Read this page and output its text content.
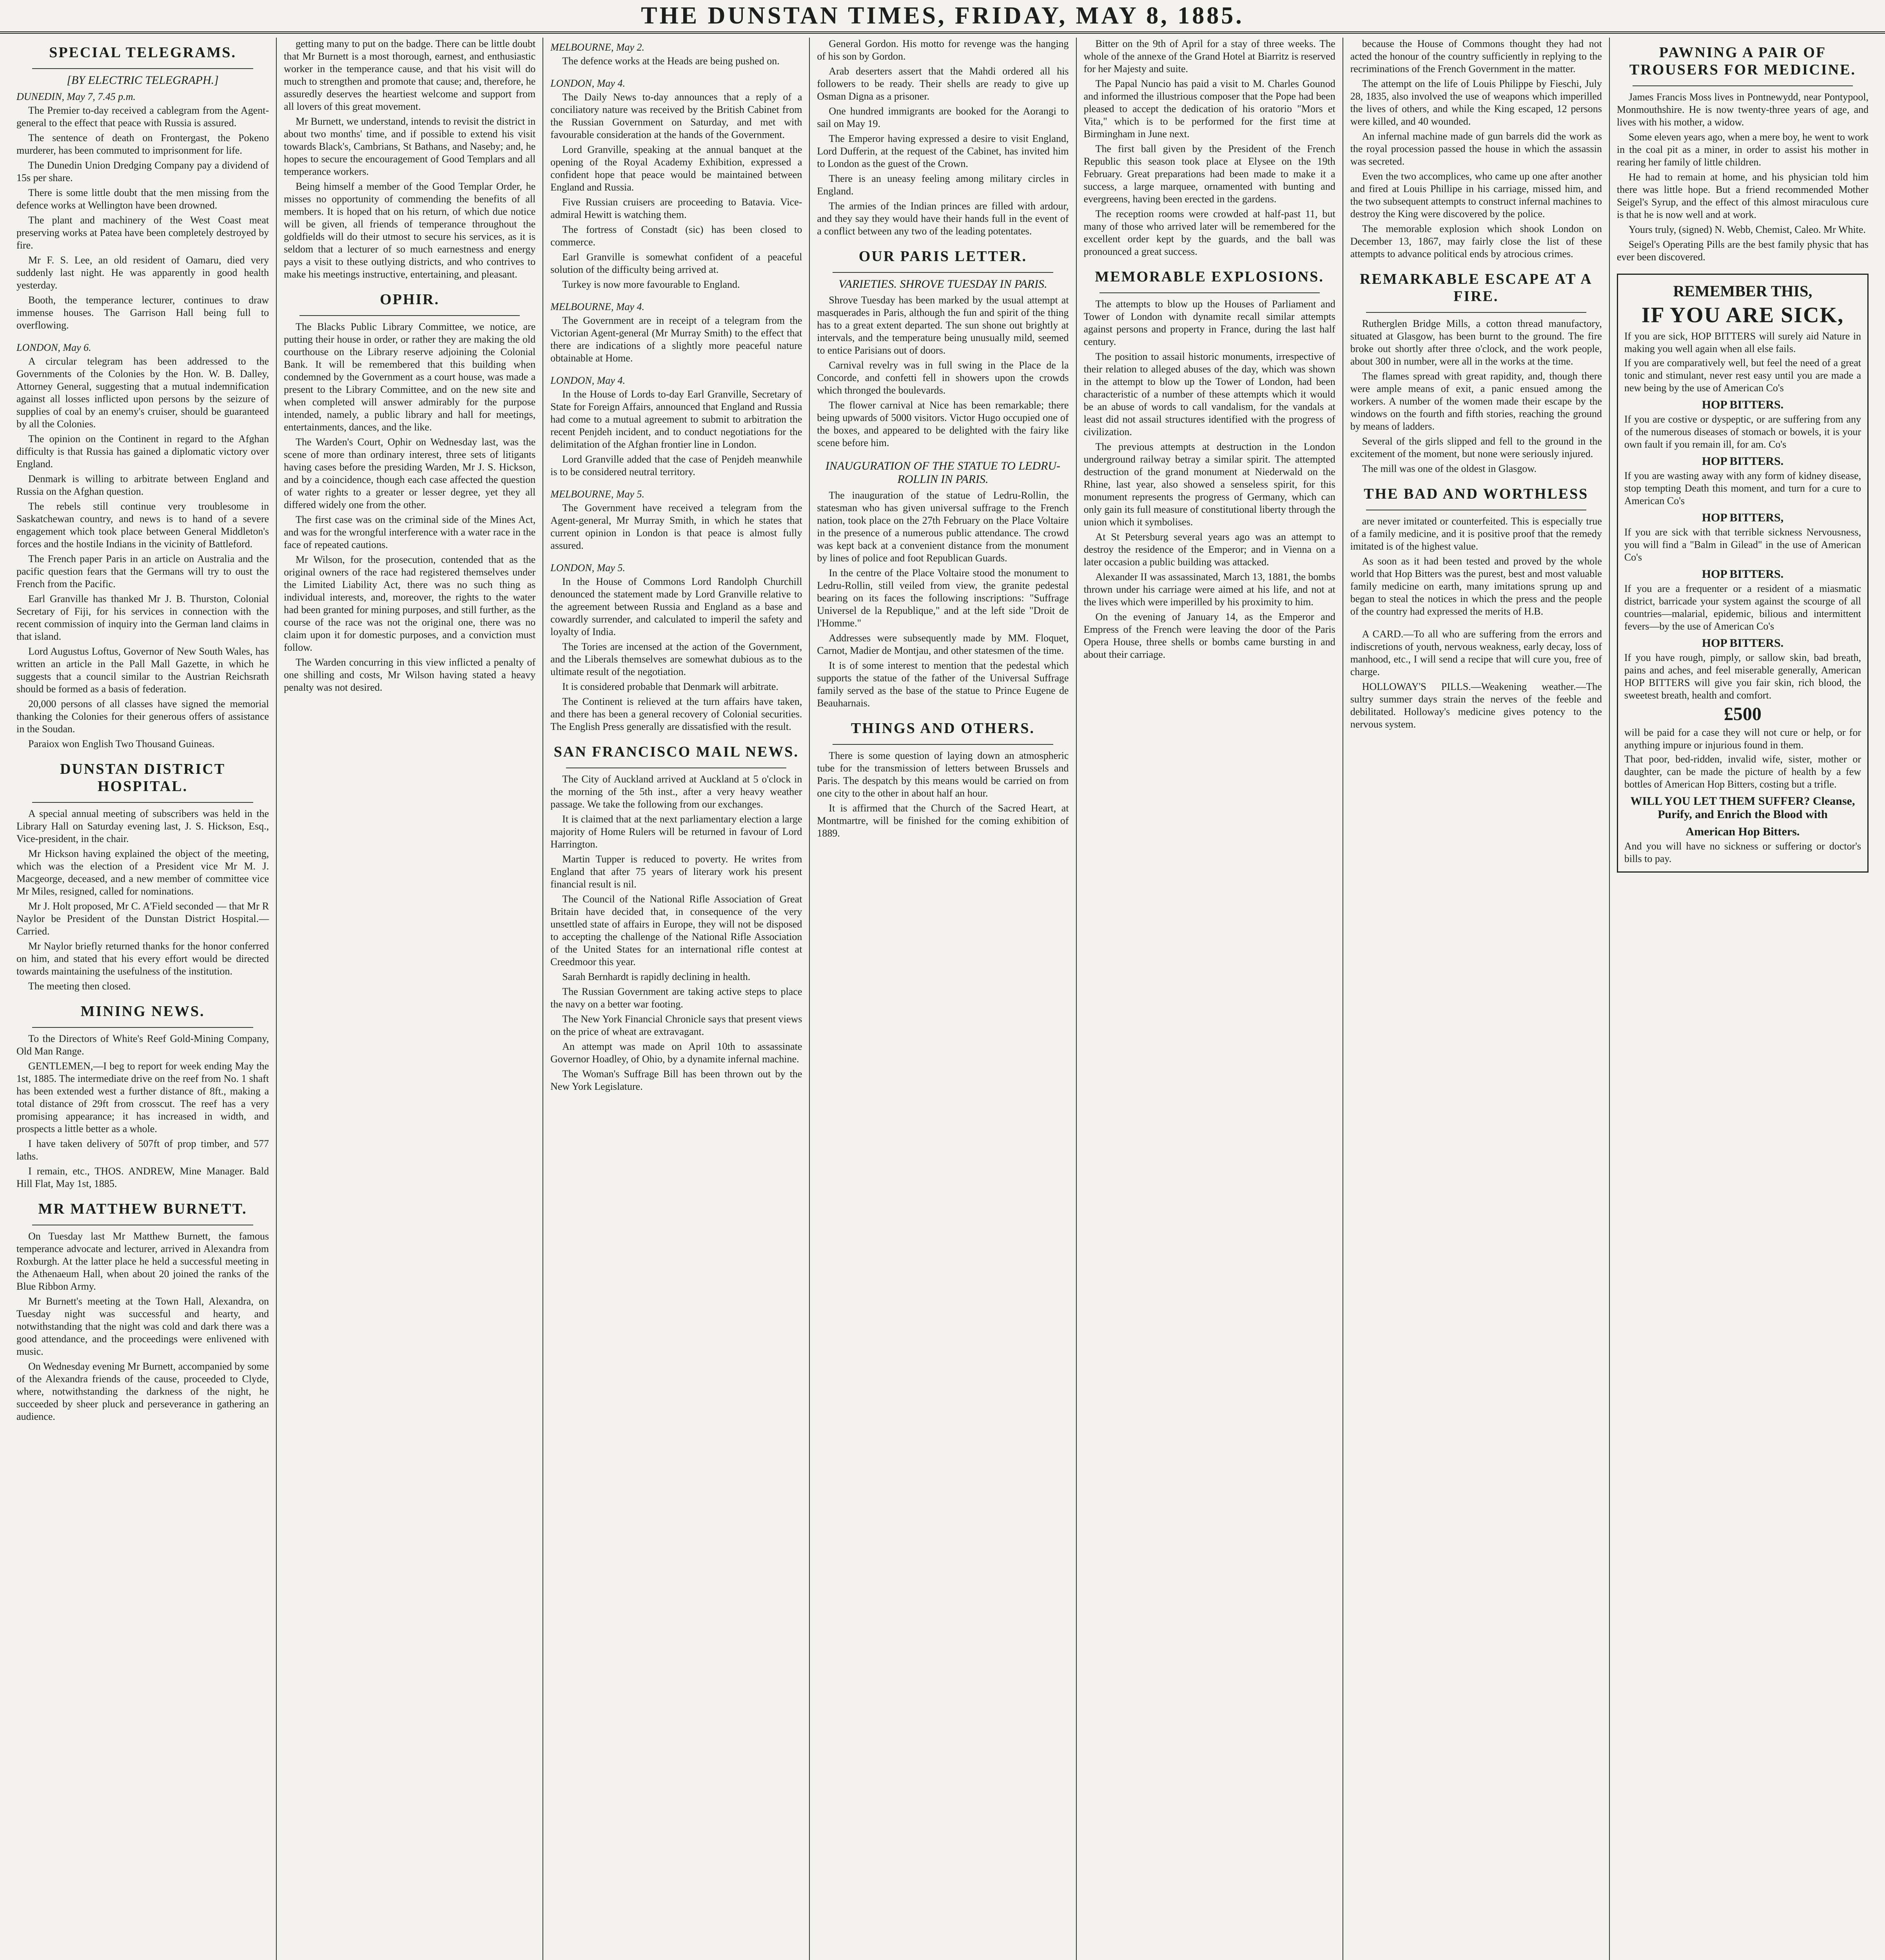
THE DUNSTAN TIMES, FRIDAY, MAY 8, 1885.
SPECIAL TELEGRAMS.
[BY ELECTRIC TELEGRAPH.]
DUNEDIN, May 7, 7.45 p.m.

The Premier to-day received a cablegram from the Agent-general to the effect that peace with Russia is assured.

The sentence of death on Frontergast, the Pokeno murderer, has been commuted to imprisonment for life.

The Dunedin Union Dredging Company pay a dividend of 15s per share.

There is some little doubt that the men missing from the defence works at Wellington have been drowned.

The plant and machinery of the West Coast meat preserving works at Patea have been completely destroyed by fire.

Mr F. S. Lee, an old resident of Oamaru, died very suddenly last night. He was apparently in good health yesterday.

Booth, the temperance lecturer, continues to draw immense houses. The Garrison Hall being full to overflowing.

LONDON, May 6.

A circular telegram has been addressed to the Governments of the Colonies by the Hon. W. B. Dalley, Attorney General, suggesting that a mutual indemnification against all losses inflicted upon persons by the seizure of supplies of coal by an enemy's cruiser, should be guaranteed by all the Colonies.

The opinion on the Continent in regard to the Afghan difficulty is that Russia has gained a diplomatic victory over England.

Denmark is willing to arbitrate between England and Russia on the Afghan question.

The rebels still continue very troublesome in Saskatchewan country, and news is to hand of a severe engagement which took place between General Middleton's forces and the hostile Indians in the vicinity of Battleford.

The French paper Paris in an article on Australia and the pacific question fears that the Germans will try to oust the French from the Pacific.

Earl Granville has thanked Mr J. B. Thurston, Colonial Secretary of Fiji, for his services in connection with the recent commission of inquiry into the German land claims in that island.

Lord Augustus Loftus, Governor of New South Wales, has written an article in the Pall Mall Gazette, in which he suggests that a council similar to the Austrian Reichsrath should be formed as a basis of federation.

20,000 persons of all classes have signed the memorial thanking the Colonies for their generous offers of assistance in the Soudan.

Paraiox won English Two Thousand Guineas.

DUNSTAN DISTRICT HOSPITAL.

A special annual meeting of subscribers was held in the Library Hall on Saturday evening last, J. S. Hickson, Esq., Vice-president, in the chair.

Mr Hickson having explained the object of the meeting, which was the election of a President vice Mr M. J. Macgeorge, deceased, and a new member of committee vice Mr Miles, resigned, called for nominations.

Mr J. Holt proposed, Mr C. A'Field seconded — that Mr R Naylor be President of the Dunstan District Hospital.—Carried.

Mr Naylor briefly returned thanks for the honor conferred on him, and stated that his every effort would be directed towards maintaining the usefulness of the institution.

The meeting then closed.

MINING NEWS.

To the Directors of White's Reef Gold-Mining Company, Old Man Range.

GENTLEMEN,—I beg to report for week ending May the 1st, 1885. The intermediate drive on the reef from No. 1 shaft has been extended west a further distance of 8ft., making a total distance of 29ft from crosscut. The reef has a very promising appearance; it has increased in width, and prospects a little better as a whole.

I have taken delivery of 507ft of prop timber, and 577 laths.

I remain, etc., THOS. ANDREW, Mine Manager. Bald Hill Flat, May 1st, 1885.

MR MATTHEW BURNETT.

On Tuesday last Mr Matthew Burnett, the famous temperance advocate and lecturer, arrived in Alexandra from Roxburgh. At the latter place he held a successful meeting in the Athenaeum Hall, when about 20 joined the ranks of the Blue Ribbon Army.

Mr Burnett's meeting at the Town Hall, Alexandra, on Tuesday night was successful and hearty, and notwithstanding that the night was cold and dark there was a good attendance, and the proceedings were enlivened with music.

On Wednesday evening Mr Burnett, accompanied by some of the Alexandra friends of the cause, proceeded to Clyde, where, notwithstanding the darkness of the night, he succeeded by sheer pluck and perseverance in gathering an audience.

getting many to put on the badge. There can be little doubt that Mr Burnett is a most thorough, earnest, and enthusiastic worker in the temperance cause, and that his visit will do much to strengthen and promote that cause; and, therefore, he assuredly deserves the heartiest welcome and support from all lovers of this great movement.

Mr Burnett, we understand, intends to revisit the district in about two months' time, and if possible to extend his visit towards Black's, Cambrians, St Bathans, and Naseby; and, he hopes to secure the encouragement of Good Templars and all temperance workers.

Being himself a member of the Good Templar Order, he misses no opportunity of commending the benefits of all members. It is hoped that on his return, of which due notice will be given, all friends of temperance throughout the goldfields will do their utmost to secure his services, as it is seldom that a lecturer of so much earnestness and energy pays a visit to these outlying districts, and who contrives to make his meetings instructive, entertaining, and pleasant.

OPHIR.

The Blacks Public Library Committee, we notice, are putting their house in order, or rather they are making the old courthouse on the Library reserve adjoining the Colonial Bank. It will be remembered that this building when condemned by the Government as a court house, was made a present to the Library Committee, and on the new site and when completed will answer admirably for the purpose intended, namely, a public library and hall for meetings, entertainments, dances, and the like.

The Warden's Court, Ophir on Wednesday last, was the scene of more than ordinary interest, three sets of litigants having cases before the presiding Warden, Mr J. S. Hickson, and by a coincidence, though each case affected the question of water rights to a greater or lesser degree, yet they all differed widely one from the other.

The first case was on the criminal side of the Mines Act, and was for the wrongful interference with a water race in the face of repeated cautions.

Mr Wilson, for the prosecution, contended that as the original owners of the race had registered themselves under the Limited Liability Act, there was no such thing as individual interests, and, moreover, the rights to the water had been granted for mining purposes, and still further, as the course of the race was not the original one, there was no claim upon it for domestic purposes, and a conviction must follow.

The Warden concurring in this view inflicted a penalty of one shilling and costs, Mr Wilson having stated a heavy penalty was not desired.

MELBOURNE, May 2.

The defence works at the Heads are being pushed on.

LONDON, May 4.

The Daily News to-day announces that a reply of a conciliatory nature was received by the British Cabinet from the Russian Government on Saturday, and met with favourable consideration at the hands of the Government.

Lord Granville, speaking at the annual banquet at the opening of the Royal Academy Exhibition, expressed a confident hope that peace would be maintained between England and Russia.

Five Russian cruisers are proceeding to Batavia. Vice-admiral Hewitt is watching them.

The fortress of Constadt (sic) has been closed to commerce.

Earl Granville is somewhat confident of a peaceful solution of the difficulty being arrived at.

Turkey is now more favourable to England.

MELBOURNE, May 4.

The Government are in receipt of a telegram from the Victorian Agent-general (Mr Murray Smith) to the effect that there are indications of a slightly more peaceful nature obtainable at Home.

LONDON, May 4.

In the House of Lords to-day Earl Granville, Secretary of State for Foreign Affairs, announced that England and Russia had come to a mutual agreement to submit to arbitration the recent Penjdeh incident, and to conduct negotiations for the delimitation of the Afghan frontier line in London.

Lord Granville added that the case of Penjdeh meanwhile is to be considered neutral territory.

MELBOURNE, May 5.

The Government have received a telegram from the Agent-general, Mr Murray Smith, in which he states that current opinion in London is that peace is almost fully assured.

LONDON, May 5.

In the House of Commons Lord Randolph Churchill denounced the statement made by Lord Granville relative to the agreement between Russia and England as a base and cowardly surrender, and calculated to imperil the safety and loyalty of India.

The Tories are incensed at the action of the Government, and the Liberals themselves are somewhat dubious as to the ultimate result of the negotiation.

It is considered probable that Denmark will arbitrate.

The Continent is relieved at the turn affairs have taken, and there has been a general recovery of Colonial securities. The English Press generally are dissatisfied with the result.

SAN FRANCISCO MAIL NEWS.

The City of Auckland arrived at Auckland at 5 o'clock in the morning of the 5th inst., after a very heavy weather passage. We take the following from our exchanges.

It is claimed that at the next parliamentary election a large majority of Home Rulers will be returned in favour of Lord Harrington.

Martin Tupper is reduced to poverty. He writes from England that after 75 years of literary work his present financial result is nil.

The Council of the National Rifle Association of Great Britain have decided that, in consequence of the very unsettled state of affairs in Europe, they will not be disposed to accepting the challenge of the National Rifle Association of the United States for an international rifle contest at Creedmoor this year.

Sarah Bernhardt is rapidly declining in health.

The Russian Government are taking active steps to place the navy on a better war footing.

The New York Financial Chronicle says that present views on the price of wheat are extravagant.

An attempt was made on April 10th to assassinate Governor Hoadley, of Ohio, by a dynamite infernal machine.

The Woman's Suffrage Bill has been thrown out by the New York Legislature.

General Gordon. His motto for revenge was the hanging of his son by Gordon.

Arab deserters assert that the Mahdi ordered all his followers to be ready. Their shells are ready to give up Osman Digna as a prisoner.

One hundred immigrants are booked for the Aorangi to sail on May 19.

The Emperor having expressed a desire to visit England, Lord Dufferin, at the request of the Cabinet, has invited him to London as the guest of the Crown.

There is an uneasy feeling among military circles in England.

The armies of the Indian princes are filled with ardour, and they say they would have their hands full in the event of a conflict between any two of the leading potentates.

OUR PARIS LETTER.
VARIETIES. SHROVE TUESDAY IN PARIS.

Shrove Tuesday has been marked by the usual attempt at masquerades in Paris, although the fun and spirit of the thing has to a great extent departed. The sun shone out brightly at intervals, and the temperature being unusually mild, seemed to entice Parisians out of doors.

Carnival revelry was in full swing in the Place de la Concorde, and confetti fell in showers upon the crowds which thronged the boulevards.

The flower carnival at Nice has been remarkable; there being upwards of 5000 visitors. Victor Hugo occupied one of the boxes, and appeared to be delighted with the fairy like scene before him.

INAUGURATION OF THE STATUE TO LEDRU-ROLLIN IN PARIS.

The inauguration of the statue of Ledru-Rollin, the statesman who has given universal suffrage to the French nation, took place on the 27th February on the Place Voltaire in the presence of a numerous public attendance. The crowd was kept back at a convenient distance from the monument by lines of police and foot Republican Guards.

In the centre of the Place Voltaire stood the monument to Ledru-Rollin, still veiled from view, the granite pedestal bearing on its faces the following inscriptions: "Suffrage Universel de la Republique," and at the left side "Droit de l'Homme."

Addresses were subsequently made by MM. Floquet, Carnot, Madier de Montjau, and other statesmen of the time.

It is of some interest to mention that the pedestal which supports the statue of the father of the Universal Suffrage family served as the base of the statue to Prince Eugene de Beauharnais.

THINGS AND OTHERS.

There is some question of laying down an atmospheric tube for the transmission of letters between Brussels and Paris. The despatch by this means would be carried on from one city to the other in about half an hour.

It is affirmed that the Church of the Sacred Heart, at Montmartre, will be finished for the coming exhibition of 1889.

Bitter on the 9th of April for a stay of three weeks. The whole of the annexe of the Grand Hotel at Biarritz is reserved for her Majesty and suite.

The Papal Nuncio has paid a visit to M. Charles Gounod and informed the illustrious composer that the Pope had been pleased to accept the dedication of his oratorio "Mors et Vita," which is to be performed for the first time at Birmingham in June next.

The first ball given by the President of the French Republic this season took place at Elysee on the 19th February. Great preparations had been made to make it a success, a large marquee, ornamented with bunting and evergreens, having been erected in the gardens.

The reception rooms were crowded at half-past 11, but many of those who arrived later will be remembered for the excellent order kept by the guards, and the ball was pronounced a great success.

MEMORABLE EXPLOSIONS.

The attempts to blow up the Houses of Parliament and Tower of London with dynamite recall similar attempts against persons and property in France, during the last half century.

The position to assail historic monuments, irrespective of their relation to alleged abuses of the day, which was shown in the attempt to blow up the Tower of London, had been characteristic of a number of these attempts which it would be an abuse of words to call vandalism, for the vandals at least did not assail structures identified with the progress of civilization.

The previous attempts at destruction in the London underground railway betray a similar spirit. The attempted destruction of the grand monument at Niederwald on the Rhine, last year, also showed a senseless spirit, for this monument represents the progress of Germany, which can only gain its full measure of constitutional liberty through the union which it symbolises.

At St Petersburg several years ago was an attempt to destroy the residence of the Emperor; and in Vienna on a later occasion a public building was attacked.

Alexander II was assassinated, March 13, 1881, the bombs thrown under his carriage were aimed at his life, and not at the lives which were imperilled by his proximity to him.

On the evening of January 14, as the Emperor and Empress of the French were leaving the door of the Paris Opera House, three shells or bombs came bursting in and about their carriage.

because the House of Commons thought they had not acted the honour of the country sufficiently in replying to the recriminations of the French Government in the matter.

The attempt on the life of Louis Philippe by Fieschi, July 28, 1835, also involved the use of weapons which imperilled the lives of others, and while the King escaped, 12 persons were killed, and 40 wounded.

An infernal machine made of gun barrels did the work as the royal procession passed the house in which the assassin was secreted.

Even the two accomplices, who came up one after another and fired at Louis Phillipe in his carriage, missed him, and the two subsequent attempts to construct infernal machines to destroy the King were discovered by the police.

The memorable explosion which shook London on December 13, 1867, may fairly close the list of these attempts to advance political ends by atrocious crimes.

REMARKABLE ESCAPE AT A FIRE.

Rutherglen Bridge Mills, a cotton thread manufactory, situated at Glasgow, has been burnt to the ground. The fire broke out shortly after three o'clock, and the work people, about 300 in number, were all in the works at the time.

The flames spread with great rapidity, and, though there were ample means of exit, a panic ensued among the workers. A number of the women made their escape by the windows on the fourth and fifth stories, reaching the ground by means of ladders.

Several of the girls slipped and fell to the ground in the excitement of the moment, but none were seriously injured.

The mill was one of the oldest in Glasgow.

THE BAD AND WORTHLESS

are never imitated or counterfeited. This is especially true of a family medicine, and it is positive proof that the remedy imitated is of the highest value.

As soon as it had been tested and proved by the whole world that Hop Bitters was the purest, best and most valuable family medicine on earth, many imitations sprung up and began to steal the notices in which the press and the people of the country had expressed the merits of H.B.

A CARD.—To all who are suffering from the errors and indiscretions of youth, nervous weakness, early decay, loss of manhood, etc., I will send a recipe that will cure you, free of charge.

HOLLOWAY'S PILLS.—Weakening weather.—The sultry summer days strain the nerves of the feeble and debilitated. Holloway's medicine gives potency to the nervous system.

PAWNING A PAIR OF TROUSERS FOR MEDICINE.

James Francis Moss lives in Pontnewydd, near Pontypool, Monmouthshire. He is now twenty-three years of age, and lives with his mother, a widow.

Some eleven years ago, when a mere boy, he went to work in the coal pit as a miner, in order to assist his mother in rearing her family of little children.

He had to remain at home, and his physician told him there was little hope. But a friend recommended Mother Seigel's Syrup, and the effect of this almost miraculous cure is that he is now well and at work.

Yours truly, (signed) N. Webb, Chemist, Caleo. Mr White.

Seigel's Operating Pills are the best family physic that has ever been discovered.

REMEMBER THIS,
IF YOU ARE SICK,
If you are sick, HOP BITTERS will surely aid Nature in making you well again when all else fails.
If you are comparatively well, but feel the need of a great tonic and stimulant, never rest easy until you are made a new being by the use of American Co's
HOP BITTERS.
If you are costive or dyspeptic, or are suffering from any of the numerous diseases of stomach or bowels, it is your own fault if you remain ill, for am. Co's
HOP BITTERS.
If you are wasting away with any form of kidney disease, stop tempting Death this moment, and turn for a cure to American Co's
HOP BITTERS,
If you are sick with that terrible sickness Nervousness, you will find a "Balm in Gilead" in the use of American Co's
HOP BITTERS.
If you are a frequenter or a resident of a miasmatic district, barricade your system against the scourge of all countries—malarial, epidemic, bilious and intermittent fevers—by the use of American Co's
HOP BITTERS.
If you have rough, pimply, or sallow skin, bad breath, pains and aches, and feel miserable generally, American HOP BITTERS will give you fair skin, rich blood, the sweetest breath, health and comfort.
£500
will be paid for a case they will not cure or help, or for anything impure or injurious found in them.
That poor, bed-ridden, invalid wife, sister, mother or daughter, can be made the picture of health by a few bottles of American Hop Bitters, costing but a trifle.
WILL YOU LET THEM SUFFER? Cleanse, Purify, and Enrich the Blood with
American Hop Bitters.
And you will have no sickness or suffering or doctor's bills to pay.
